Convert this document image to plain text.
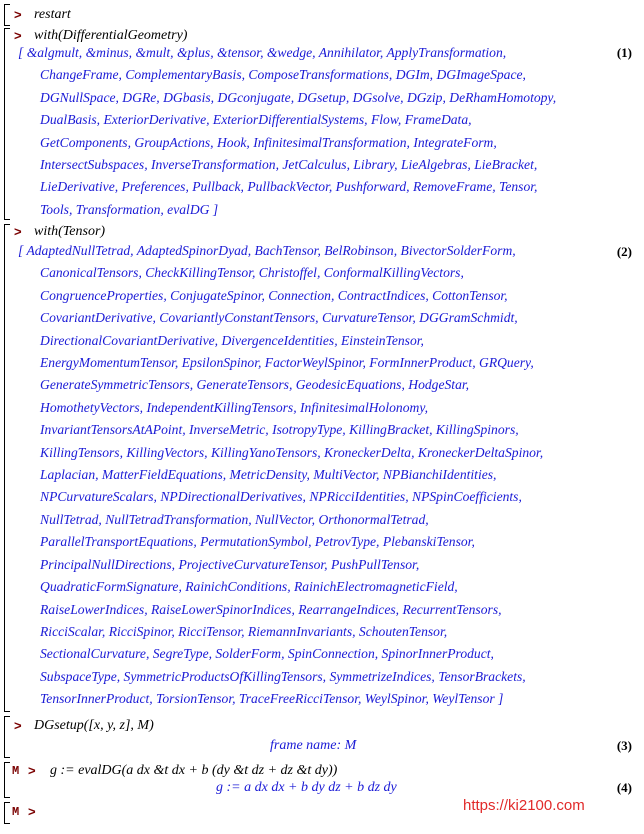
> restart
> with(DifferentialGeometry)
[ &algmult, &minus, &mult, &plus, &tensor, &wedge, Annihilator, ApplyTransformation,
ChangeFrame, ComplementaryBasis, ComposeTransformations, DGIm, DGImageSpace,
DGNullSpace, DGRe, DGbasis, DGconjugate, DGsetup, DGsolve, DGzip, DeRhamHomotopy,
DualBasis, ExteriorDerivative, ExteriorDifferentialSystems, Flow, FrameData,
GetComponents, GroupActions, Hook, InfinitesimalTransformation, IntegrateForm,
IntersectSubspaces, InverseTransformation, JetCalculus, Library, LieAlgebras, LieBracket,
LieDerivative, Preferences, Pullback, PullbackVector, Pushforward, RemoveFrame, Tensor,
Tools, Transformation, evalDG ]
(1)
> with(Tensor)
[ AdaptedNullTetrad, AdaptedSpinorDyad, BachTensor, BelRobinson, BivectorSolderForm,
CanonicalTensors, CheckKillingTensor, Christoffel, ConformalKillingVectors,
CongruenceProperties, ConjugateSpinor, Connection, ContractIndices, CottonTensor,
CovariantDerivative, CovariantlyConstantTensors, CurvatureTensor, DGGramSchmidt,
DirectionalCovariantDerivative, DivergenceIdentities, EinsteinTensor,
EnergyMomentumTensor, EpsilonSpinor, FactorWeylSpinor, FormInnerProduct, GRQuery,
GenerateSymmetricTensors, GenerateTensors, GeodesicEquations, HodgeStar,
HomothetyVectors, IndependentKillingTensors, InfinitesimalHolonomy,
InvariantTensorsAtAPoint, InverseMetric, IsotropyType, KillingBracket, KillingSpinors,
KillingTensors, KillingVectors, KillingYanoTensors, KroneckerDelta, KroneckerDeltaSpinor,
Laplacian, MatterFieldEquations, MetricDensity, MultiVector, NPBianchiIdentities,
NPCurvatureScalars, NPDirectionalDerivatives, NPRicciIdentities, NPSpinCoefficients,
NullTetrad, NullTetradTransformation, NullVector, OrthonormalTetrad,
ParallelTransportEquations, PermutationSymbol, PetrovType, PlebanskiTensor,
PrincipalNullDirections, ProjectiveCurvatureTensor, PushPullTensor,
QuadraticFormSignature, RainichConditions, RainichElectromagneticField,
RaiseLowerIndices, RaiseLowerSpinorIndices, RearrangeIndices, RecurrentTensors,
RicciScalar, RicciSpinor, RicciTensor, RiemannInvariants, SchoutenTensor,
SectionalCurvature, SegreType, SolderForm, SpinConnection, SpinorInnerProduct,
SubspaceType, SymmetricProductsOfKillingTensors, SymmetrizeIndices, TensorBrackets,
TensorInnerProduct, TorsionTensor, TraceFreeRicciTensor, WeylSpinor, WeylTensor ]
(2)
> DGsetup([x, y, z], M)
frame name: M	(3)
M > g := evalDG(a dx &t dx + b (dy &t dz + dz &t dy))
g := a dx dx + b dy dz + b dz dy	(4)
M >	https://ki2100.com
